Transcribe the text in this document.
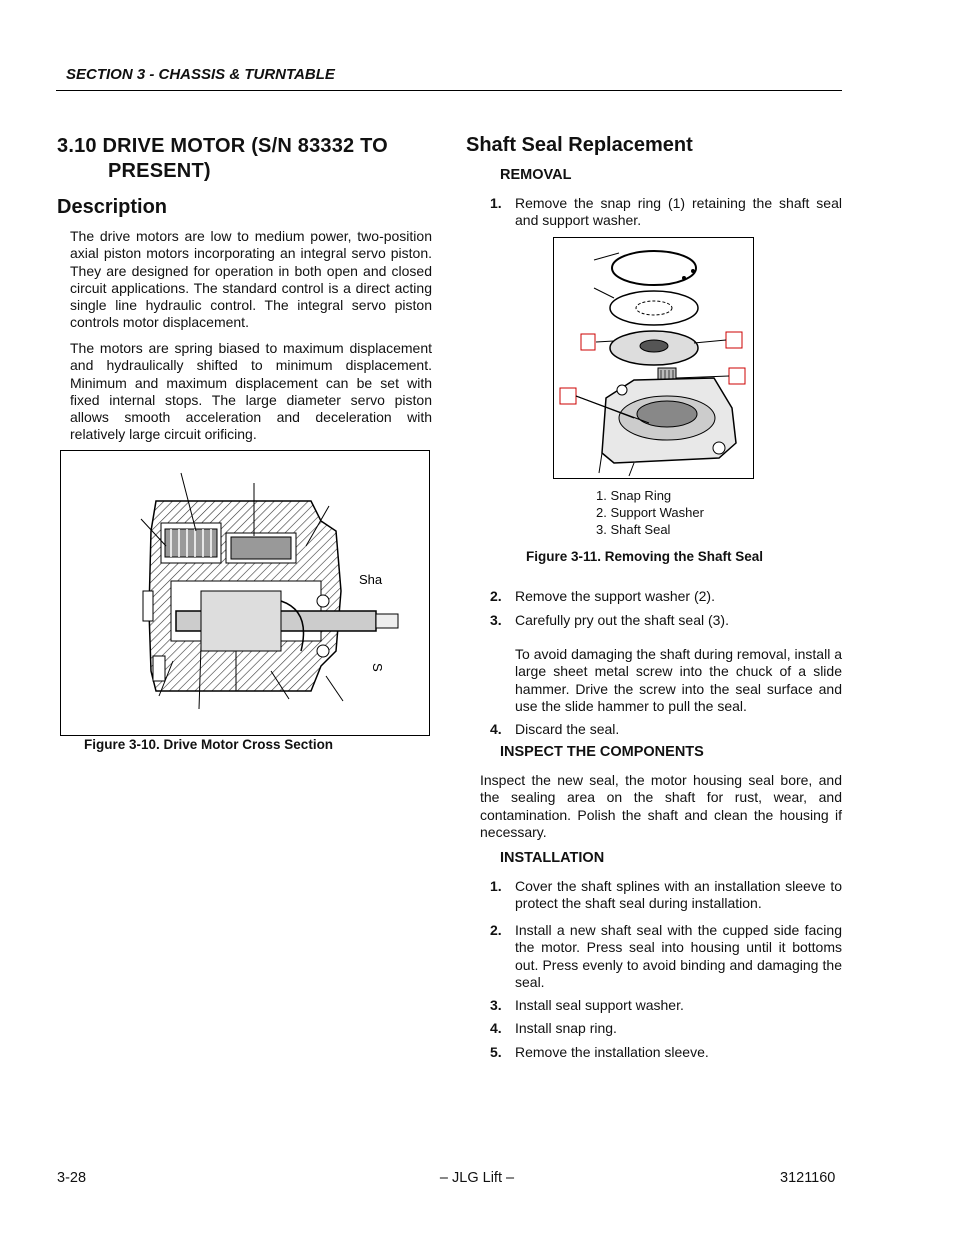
SECTION 3 - CHASSIS & TURNTABLE
3.10 DRIVE MOTOR (S/N 83332 TO
PRESENT)
Description
The drive motors are low to medium power, two-position axial piston motors incorporating an integral servo piston. They are designed for operation in both open and closed circuit applications. The standard control is a direct acting single line hydraulic control. The integral servo piston controls motor displacement.
The motors are spring biased to maximum displacement and hydraulically shifted to minimum displacement. Minimum and maximum displacement can be set with fixed internal stops. The large diameter servo piston allows smooth acceleration and deceleration with relatively large circuit orificing.
Sha
S
Figure 3-10. Drive Motor Cross Section
Shaft Seal Replacement
REMOVAL
1. Remove the snap ring (1) retaining the shaft seal and support washer.
1. Snap Ring
2. Support Washer
3. Shaft Seal
Figure 3-11. Removing the Shaft Seal
2. Remove the support washer (2).
3. Carefully pry out the shaft seal (3).
To avoid damaging the shaft during removal, install a large sheet metal screw into the chuck of a slide hammer. Drive the screw into the seal surface and use the slide hammer to pull the seal.
4. Discard the seal.
INSPECT THE COMPONENTS
Inspect the new seal, the motor housing seal bore, and the sealing area on the shaft for rust, wear, and contamination. Polish the shaft and clean the housing if necessary.
INSTALLATION
1. Cover the shaft splines with an installation sleeve to protect the shaft seal during installation.
2. Install a new shaft seal with the cupped side facing the motor. Press seal into housing until it bottoms out. Press evenly to avoid binding and damaging the seal.
3. Install seal support washer.
4. Install snap ring.
5. Remove the installation sleeve.
3-28	– JLG Lift –	3121160
